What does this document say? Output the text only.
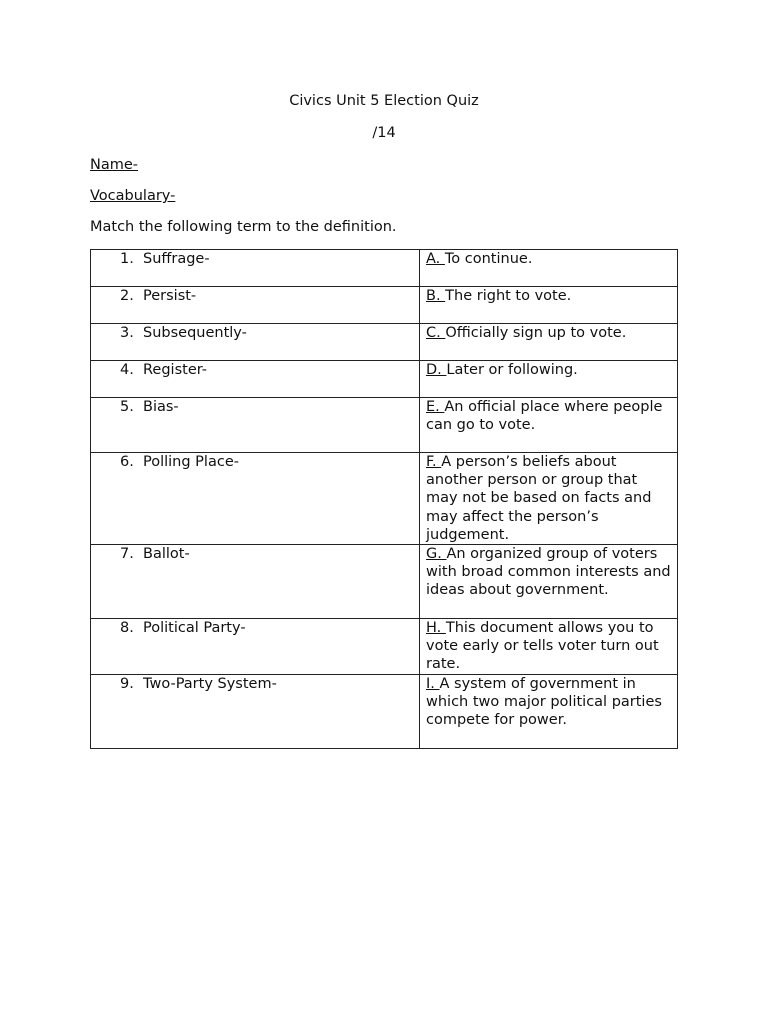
Civics Unit 5 Election Quiz
/14
Name-
Vocabulary-
Match the following term to the definition.
1. Suffrage-	A. To continue.
2. Persist-	B. The right to vote.
3. Subsequently-	C. Officially sign up to vote.
4. Register-	D. Later or following.
5. Bias-	E. An official place where people can go to vote.
6. Polling Place-	F. A person’s beliefs about another person or group that may not be based on facts and may affect the person’s judgement.
7. Ballot-	G. An organized group of voters with broad common interests and ideas about government.
8. Political Party-	H. This document allows you to vote early or tells voter turn out rate.
9. Two-Party System-	I. A system of government in which two major political parties compete for power.
